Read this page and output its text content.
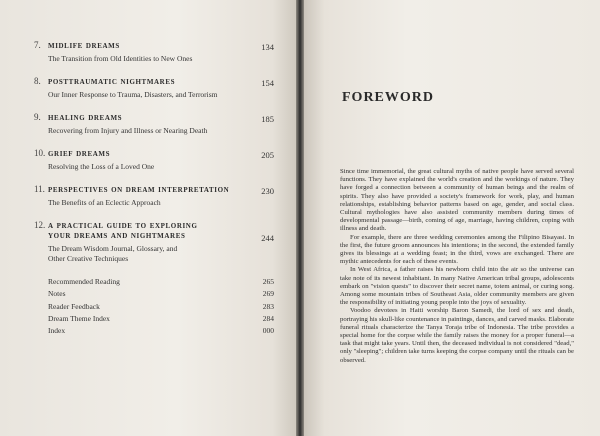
7. midlife dreams	134
The Transition from Old Identities to New Ones
8. posttraumatic nightmares	154
Our Inner Response to Trauma, Disasters, and Terrorism
9. healing dreams	185
Recovering from Injury and Illness or Nearing Death
10. grief dreams	205
Resolving the Loss of a Loved One
11. perspectives on dream interpretation	230
The Benefits of an Eclectic Approach
12. a practical guide to exploring your dreams and nightmares	244
The Dream Wisdom Journal, Glossary, and Other Creative Techniques
Recommended Reading	265
Notes	269
Reader Feedback	283
Dream Theme Index	284
Index	000
foreword

Since time immemorial, the great cultural myths of native people have served several functions. They have explained the world's creation and the workings of nature. They have forged a connection between a community of human beings and the realm of spirits. They also have provided a society's framework for work, play, and human relationships, establishing behavior patterns based on age, gender, and social class. Cultural mythologies have also assisted community members during times of developmental passage—birth, coming of age, marriage, having children, coping with illness and death.

For example, there are three wedding ceremonies among the Filipino Bisayasi. In the first, the future groom announces his intentions; in the second, the extended family gives its blessings at a wedding feast; in the third, vows are exchanged. There are mythic antecedents for each of these events.

In West Africa, a father raises his newborn child into the air so the universe can take note of its newest inhabitant. In many Native American tribal groups, adolescents embark on "vision quests" to discover their secret name, totem animal, or curing song. Among some mountain tribes of Southeast Asia, older community members are given the responsibility of initiating young people into the joys of sexuality.

Voodoo devotees in Haiti worship Baron Samedi, the lord of sex and death, portraying his skull-like countenance in paintings, dances, and carved masks. Elaborate funeral rituals characterize the Tanya Toraja tribe of Indonesia. The tribe provides a special home for the corpse while the family raises the money for a proper funeral—a task that might take years. Until then, the deceased individual is not considered "dead," only "sleeping"; children take turns keeping the corpse company until the rituals can be observed.
